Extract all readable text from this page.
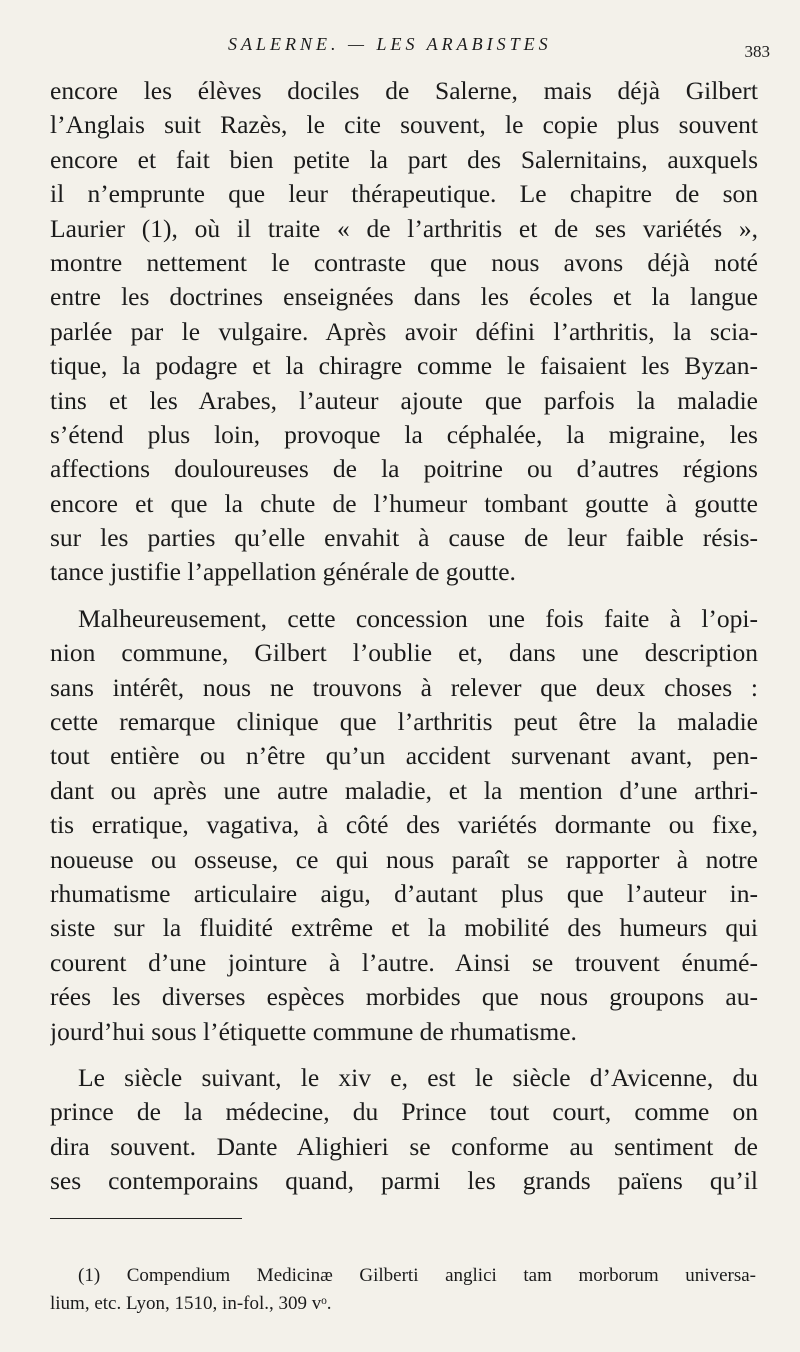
SALERNE. — LES ARABISTES	383
encore les élèves dociles de Salerne, mais déjà Gilbert
l’Anglais suit Razès, le cite souvent, le copie plus souvent
encore et fait bien petite la part des Salernitains, auxquels
il n’emprunte que leur thérapeutique. Le chapitre de son
Laurier (1), où il traite « de l’arthritis et de ses variétés »,
montre nettement le contraste que nous avons déjà noté
entre les doctrines enseignées dans les écoles et la langue
parlée par le vulgaire. Après avoir défini l’arthritis, la scia-
tique, la podagre et la chiragre comme le faisaient les Byzan-
tins et les Arabes, l’auteur ajoute que parfois la maladie
s’étend plus loin, provoque la céphalée, la migraine, les
affections douloureuses de la poitrine ou d’autres régions
encore et que la chute de l’humeur tombant goutte à goutte
sur les parties qu’elle envahit à cause de leur faible résis-
tance justifie l’appellation générale de goutte.
Malheureusement, cette concession une fois faite à l’opi-
nion commune, Gilbert l’oublie et, dans une description
sans intérêt, nous ne trouvons à relever que deux choses :
cette remarque clinique que l’arthritis peut être la maladie
tout entière ou n’être qu’un accident survenant avant, pen-
dant ou après une autre maladie, et la mention d’une arthri-
tis erratique, vagativa, à côté des variétés dormante ou fixe,
noueuse ou osseuse, ce qui nous paraît se rapporter à notre
rhumatisme articulaire aigu, d’autant plus que l’auteur in-
siste sur la fluidité extrême et la mobilité des humeurs qui
courent d’une jointure à l’autre. Ainsi se trouvent énumé-
rées les diverses espèces morbides que nous groupons au-
jourd’hui sous l’étiquette commune de rhumatisme.
Le siècle suivant, le xiv e, est le siècle d’Avicenne, du
prince de la médecine, du Prince tout court, comme on
dira souvent. Dante Alighieri se conforme au sentiment de
ses contemporains quand, parmi les grands païens qu’il
(1) Compendium Medicinæ Gilberti anglici tam morborum universa-
lium, etc. Lyon, 1510, in-fol., 309 vᵒ.
